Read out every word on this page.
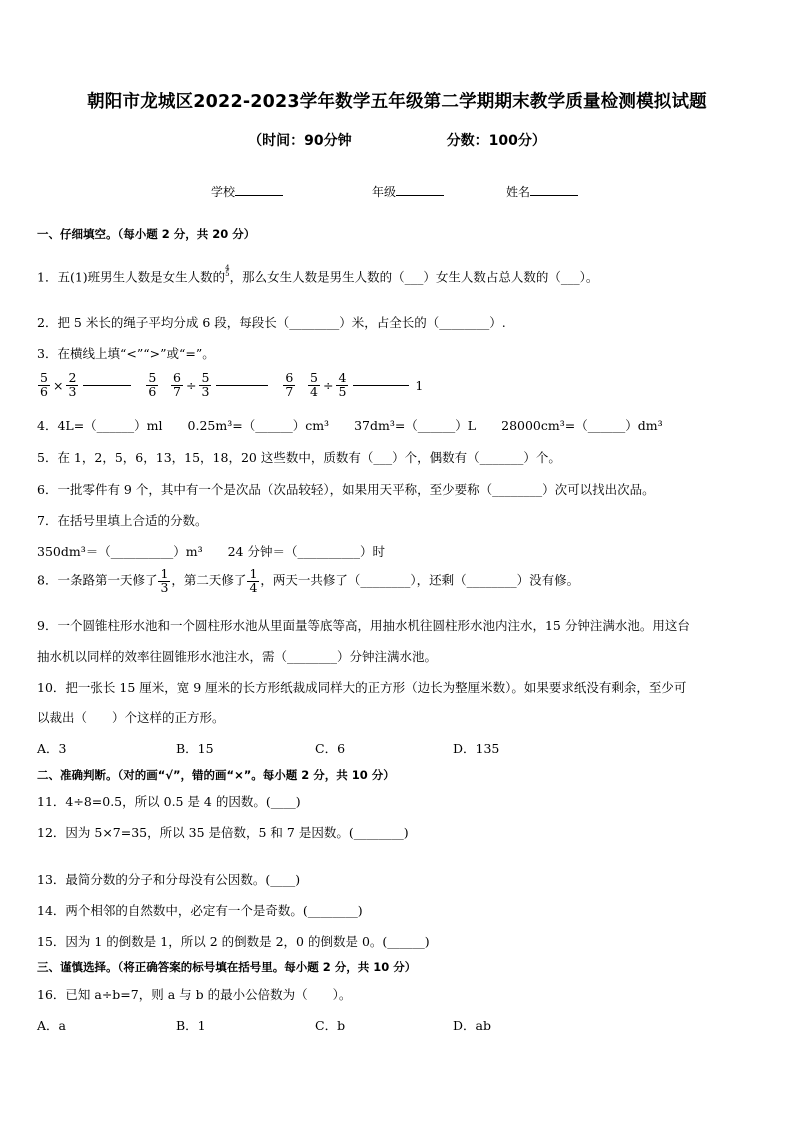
朝阳市龙城区2022-2023学年数学五年级第二学期期末教学质量检测模拟试题
（时间：90分钟	分数：100分）
学校	年级	姓名
一、仔细填空。（每小题 2 分，共 20 分）
1．五(1)班男生人数是女生人数的
4
5 ，那么女生人数是男生人数的（___）女生人数占总人数的（___）。
2．把 5 米长的绳子平均分成 6 段，每段长（________）米，占全长的（________）.
3．在横线上填“<”“>”或“=”。
$\frac{5}{6} \times \frac{2}{3}$	$\frac{5}{6} \frac{6}{7} \div \frac{5}{3}$	$\frac{6}{7} \frac{5}{4} \div \frac{4}{5}$	1
4．4L=（______）ml　　0.25m³=（______）cm³　　37dm³=（______）L　　28000cm³=（______）dm³
5．在 1，2，5，6，13，15，18，20 这些数中，质数有（___）个，偶数有（_______）个。
6．一批零件有 9 个，其中有一个是次品（次品较轻），如果用天平称，至少要称（________）次可以找出次品。
7．在括号里填上合适的分数。
350dm³＝（__________）m³　　24 分钟＝（__________）时
8．一条路第一天修了 $\frac{1}{3}$ ，第二天修了 $\frac{1}{4}$ ，两天一共修了（________），还剩（________）没有修。
9．一个圆锥柱形水池和一个圆柱形水池从里面量等底等高，用抽水机往圆柱形水池内注水，15 分钟注满水池。用这台
抽水机以同样的效率往圆锥形水池注水，需（________）分钟注满水池。
10．把一张长 15 厘米，宽 9 厘米的长方形纸裁成同样大的正方形（边长为整厘米数）。如果要求纸没有剩余，至少可
以裁出（　　）个这样的正方形。
A．3	B．15	C．6	D．135
二、准确判断。（对的画“√”，错的画“×”。每小题 2 分，共 10 分）
11．4÷8=0.5，所以 0.5 是 4 的因数。(____)
12．因为 5×7=35，所以 35 是倍数，5 和 7 是因数。(________)
13．最简分数的分子和分母没有公因数。(____)
14．两个相邻的自然数中，必定有一个是奇数。(________)
15．因为 1 的倒数是 1，所以 2 的倒数是 2，0 的倒数是 0。(______)
三、谨慎选择。（将正确答案的标号填在括号里。每小题 2 分，共 10 分）
16．已知 a÷b=7，则 a 与 b 的最小公倍数为（　　）。
A．a	B．1	C．b	D．ab
